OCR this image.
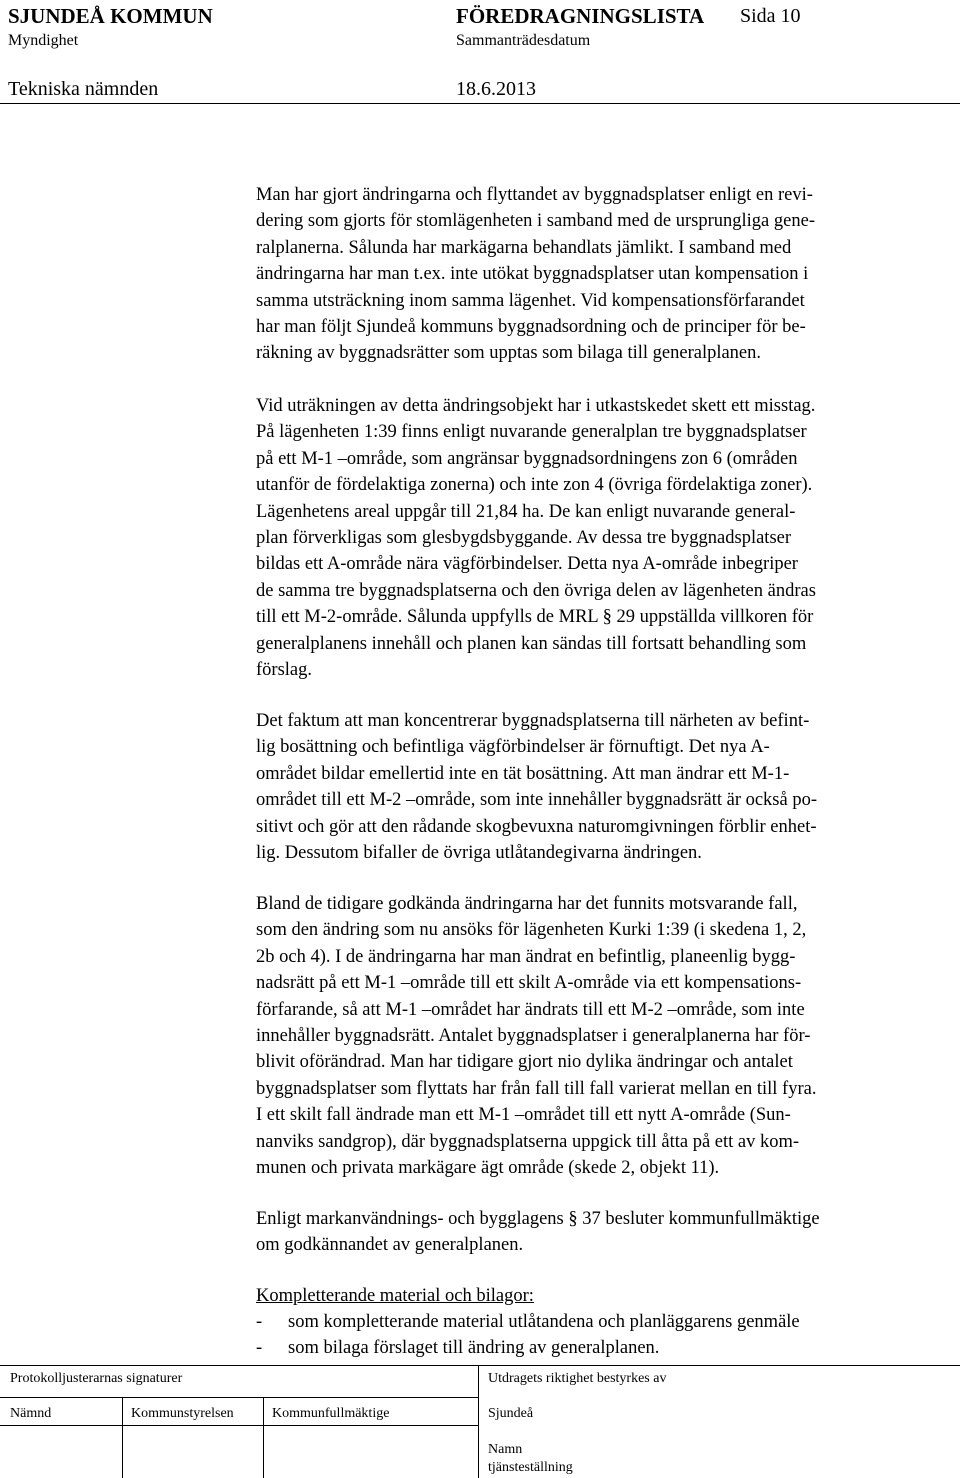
SJUNDEÅ KOMMUN	FÖREDRAGNINGSLISTA Sida 10
Myndighet	Sammanträdesdatum
Tekniska nämnden	18.6.2013
Man har gjort ändringarna och flyttandet av byggnadsplatser enligt en revi-
dering som gjorts för stomlägenheten i samband med de ursprungliga gene-
ralplanerna. Sålunda har markägarna behandlats jämlikt. I samband med
ändringarna har man t.ex. inte utökat byggnadsplatser utan kompensation i
samma utsträckning inom samma lägenhet. Vid kompensationsförfarandet
har man följt Sjundeå kommuns byggnadsordning och de principer för be-
räkning av byggnadsrätter som upptas som bilaga till generalplanen.
Vid uträkningen av detta ändringsobjekt har i utkastskedet skett ett misstag.
På lägenheten 1:39 finns enligt nuvarande generalplan tre byggnadsplatser
på ett M-1 –område, som angränsar byggnadsordningens zon 6 (områden
utanför de fördelaktiga zonerna) och inte zon 4 (övriga fördelaktiga zoner).
Lägenhetens areal uppgår till 21,84 ha. De kan enligt nuvarande general-
plan förverkligas som glesbygdsbyggande. Av dessa tre byggnadsplatser
bildas ett A-område nära vägförbindelser. Detta nya A-område inbegriper
de samma tre byggnadsplatserna och den övriga delen av lägenheten ändras
till ett M-2-område. Sålunda uppfylls de MRL § 29 uppställda villkoren för
generalplanens innehåll och planen kan sändas till fortsatt behandling som
förslag.
Det faktum att man koncentrerar byggnadsplatserna till närheten av befint-
lig bosättning och befintliga vägförbindelser är förnuftigt. Det nya A-
området bildar emellertid inte en tät bosättning. Att man ändrar ett M-1-
området till ett M-2 –område, som inte innehåller byggnadsrätt är också po-
sitivt och gör att den rådande skogbevuxna naturomgivningen förblir enhet-
lig. Dessutom bifaller de övriga utlåtandegivarna ändringen.
Bland de tidigare godkända ändringarna har det funnits motsvarande fall,
som den ändring som nu ansöks för lägenheten Kurki 1:39 (i skedena 1, 2,
2b och 4). I de ändringarna har man ändrat en befintlig, planeenlig bygg-
nadsrätt på ett M-1 –område till ett skilt A-område via ett kompensations-
förfarande, så att M-1 –området har ändrats till ett M-2 –område, som inte
innehåller byggnadsrätt. Antalet byggnadsplatser i generalplanerna har för-
blivit oförändrad. Man har tidigare gjort nio dylika ändringar och antalet
byggnadsplatser som flyttats har från fall till fall varierat mellan en till fyra.
I ett skilt fall ändrade man ett M-1 –området till ett nytt A-område (Sun-
nanviks sandgrop), där byggnadsplatserna uppgick till åtta på ett av kom-
munen och privata markägare ägt område (skede 2, objekt 11).
Enligt markanvändnings- och bygglagens § 37 besluter kommunfullmäktige
om godkännandet av generalplanen.
Kompletterande material och bilagor:
- som kompletterande material utlåtandena och planläggarens genmäle
- som bilaga förslaget till ändring av generalplanen.
Protokolljusterarnas signaturer	Utdragets riktighet bestyrkes av
Nämnd	Kommunstyrelsen	Kommunfullmäktige	Sjundeå
Namn
tjänsteställning
